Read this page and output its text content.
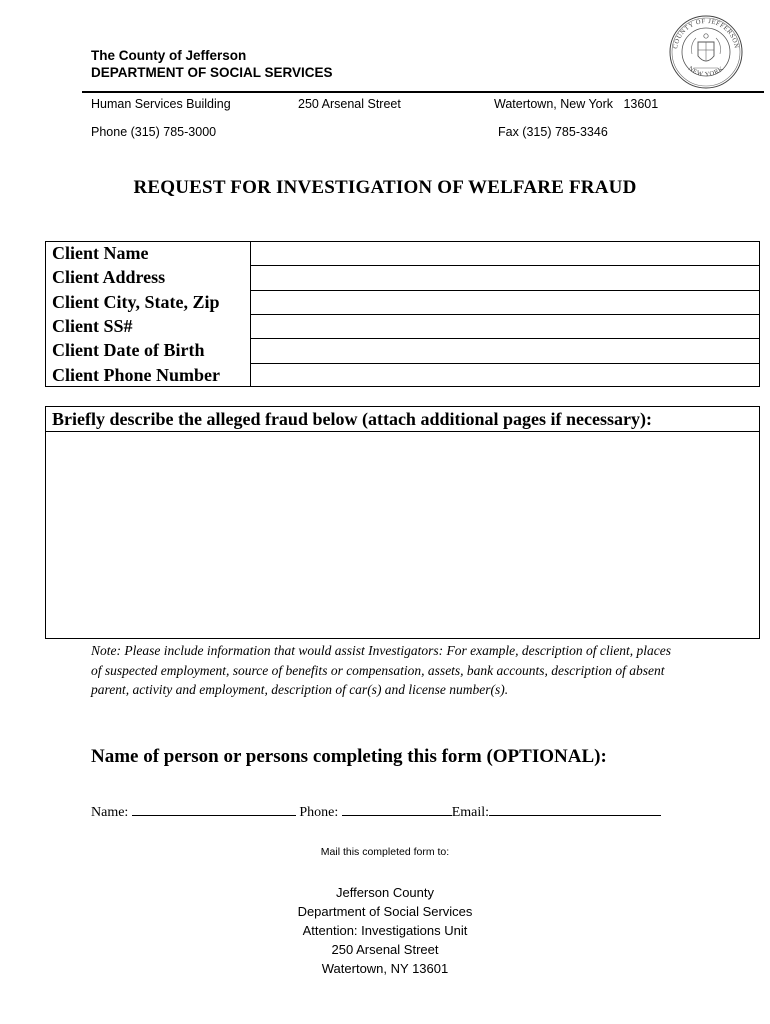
The County of Jefferson
DEPARTMENT OF SOCIAL SERVICES
COUNTY OF JEFFERSON
NEW YORK
Human Services Building	250 Arsenal Street	Watertown, New York   13601
Phone (315) 785-3000	Fax (315) 785-3346
REQUEST FOR INVESTIGATION OF WELFARE FRAUD
Client Name
Client Address
Client City, State, Zip
Client SS#
Client Date of Birth
Client Phone Number
Briefly describe the alleged fraud below (attach additional pages if necessary):
Note: Please include information that would assist Investigators: For example, description of client, places of suspected employment, source of benefits or compensation, assets, bank accounts, description of absent parent, activity and employment, description of car(s) and license number(s).
Name of person or persons completing this form (OPTIONAL):
Name:	Phone:	Email:
Mail this completed form to:
Jefferson County
Department of Social Services
Attention: Investigations Unit
250 Arsenal Street
Watertown, NY 13601
